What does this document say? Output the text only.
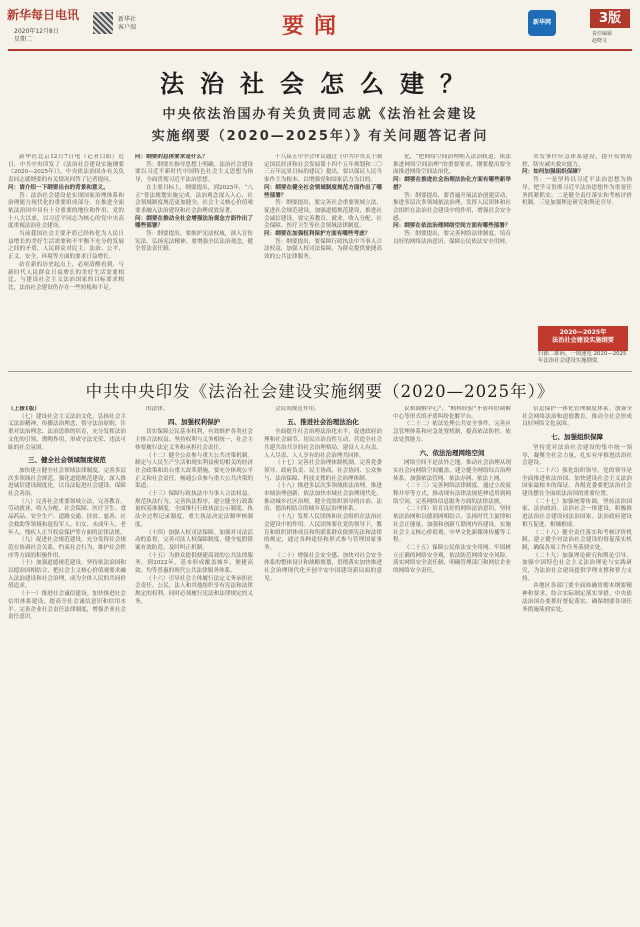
新华每日电讯
2020年12月8日
星期二
新华社
客户端	要闻	新华网	3版
责任编辑
赵晓文
法治社会怎么建？
中央依法治国办有关负责同志就《法治社会建设
实施纲要（2020—2025年）》有关问题答记者问

新华社北京12月7日电（记者白阳）近日，中共中央印发了《法治社会建设实施纲要（2020—2025年）》。中央依法治国办有关负责同志就纲要的有关情况回答了记者提问。

问：请介绍一下纲要出台的背景和意义。

答：法治社会建设是实现国家治理体系和治理能力现代化的重要组成部分。在推进全面依法治国中具有十分重要的地位和作用。党的十八大以来，以习近平同志为核心的党中央高度重视法治社会建设。

当前我国社会主要矛盾已经转化为人民日益增长的美好生活需要和不平衡不充分的发展之间的矛盾，人民群众对民主、法治、公平、正义、安全、环境等方面的要求日益增长。

站在新的历史起点上，必须清醒看到，与新时代人民群众日益增长的美好生活需要相比，与建设社会主义法治国家的目标要求相比，法治社会建设仍存在一些短板和不足。

问：纲要的总体要求是什么？

答：纲要在指导思想上明确，法治社会建设要以习近平新时代中国特色社会主义思想为指导，全面贯彻习近平法治思想。

在主要目标上，纲要提出，到2025年，“八五”普法规划实施完成，法治观念深入人心，社会领域制度规范更加健全，社会主义核心价值观要求融入法治建设和社会治理成效显著。

问：纲要在推动全社会增强法治观念方面作出了哪些部署？

答：纲要提出，要维护宪法权威，深入宣传宪法，弘扬宪法精神。要增强全民法治观念，健全普法责任制。

十八届五中全会审议通过《中共中央关于制定国民经济和社会发展第十四个五年规划和二〇三五年远景目标的建议》提出，要以保证人民当家作主为根本，以增强党和国家活力为目的。

问：纲要在健全社会领域制度规范方面作出了哪些部署？

答：纲要提出，要完善社会重要领域立法，促进社会规范建设，加强道德规范建设，推进社会诚信建设。要完善教育、就业、收入分配、社会保障、医疗卫生等社会领域法律制度。

问：纲要在加强权利保护方面有哪些考虑？

答：纲要提出，要保障行政执法中当事人合法权益，加强人权司法保障，为群众提供便捷高效的公共法律服务。

化，“把网络空间治理纳入法治轨道，依法推进网络空间治理”的重要要求，纲要提出要全面推进网络空间法治化。

问：纲要在推进社会治理法治化方面有哪些新举措？

答：纲要提出，要普遍开展法治创建活动，推进多层次多领域依法治理，发挥人民团体和社会组织在法治社会建设中的作用，增强社会安全感。

问：纲要在依法治理网络空间方面有哪些部署？

答：纲要提出，要完善网络法律制度，培育良好的网络法治意识，保障公民依法安全用网。

突发事件应急体系建设，提升疫情防控、防灾减灾救灾能力。

问：如何加强组织保障？

答：一是坚持以习近平法治思想为指导。把学习贯彻习近平法治思想作为重要任务抓紧抓实。二是健全责任落实和考核评价机制。三是加强理论研究和舆论引导。

2020—2025年
法治社会建设实施纲要
扫描二维码，一图速览 2020—2025年法治社会建设实施纲要。
中共中央印发《法治社会建设实施纲要（2020—2025年）》

（上接1版）

（七）建设社会主义法治文化。弘扬社会主义法治精神，传播法治理念，恪守法治原则，注重对法治理念、法治思维的培育，充分发挥法治文化的引领、熏陶作用，形成守法光荣、违法可耻的社会氛围。

三、健全社会领域制度规范

加快建立健全社会领域法律制度，完善多层次多领域社会规范，强化道德规范建设，深入推进诚信建设制度化，以良法促进社会建设、保障社会善治。

（八）完善社会重要领域立法。完善教育、劳动就业、收入分配、社会保障、医疗卫生、食品药品、安全生产、道路交通、扶贫、慈善、社会救助等领域和退役军人、妇女、未成年人、老年人、残疾人正当权益保护等方面的法律法规。

（九）促进社会规范建设。充分发挥社会规范在协调社会关系、约束社会行为、维护社会秩序等方面的积极作用。

（十）加强道德规范建设。坚持依法治国和以德治国相结合，把社会主义核心价值观要求融入法治建设和社会治理，成为全体人民的共同价值追求。

（十一）推进社会诚信建设。加快推进社会信用体系建设，提高全社会诚信意识和信用水平。完善企业社会责任法律制度，增强企业社会责任意识。

的法律。

四、加强权利保护

切实保障公民基本权利，有效维护各类社会主体合法权益。坚持权利与义务相统一，社会主体要履行法定义务和承担社会责任。

（十二）健全公众参与重大公共决策机制。制定与人民生产生活和现实利益密切相关的经济社会政策和出台重大改革措施，要充分体现公平正义和社会责任，畅通公众参与重大公共决策的渠道。

（十三）保障行政执法中当事人合法权益。规范执法行为，完善执法程序，建立健全行政裁量权基准制度，全面推行行政执法公示制度、执法全过程记录制度、重大执法决定法制审核制度。

（十四）加强人权司法保障。加强对司法活动的监督，完善司法人权保障制度，健全冤假错案有效防范、及时纠正机制。

（十五）为群众提供便捷高效的公共法律服务。到2022年，基本形成覆盖城乡、便捷高效、均等普惠的现代公共法律服务体系。

（十六）引导社会主体履行法定义务承担社会责任。公民、法人和其他组织享有宪法和法律规定的权利，同时必须履行宪法和法律规定的义务。

会民间规范作用。

五、推进社会治理法治化

全面提升社会治理法治化水平，促进政府治理和社会调节、居民自治良性互动，营造全社会共建共治共享的社会治理格局，建设人人有责、人人尽责、人人享有的社会治理共同体。

（十七）完善社会治理体制机制。完善党委领导、政府负责、民主协商、社会协同、公众参与、法治保障、科技支撑的社会治理体制。

（十八）推进多层次多领域依法治理。推进市域治理创新，依法加快市域社会治理现代化。推动城乡社区治理，健全党组织领导的自治、法治、德治相结合的城乡基层治理体系。

（十九）发挥人民团体和社会组织在法治社会建设中的作用。人民团体要在党的领导下，教育和组织团体成员和所联系群众依照宪法和法律的规定，通过各种途径和形式参与管理国家事务。

（二十）增强社会安全感。加快对社会安全体系的整体设计和战略规划，贯彻落实加快推进社会治理现代化开创平安中国建设新局面的意见。

议和调解中心”、“枫桥经验”矛盾纠纷调解中心等形式的矛盾纠纷化解平台。

（二十二）依法处理公共安全事件，完善应急管理体系和应急处置机制，提高依法防控、依法处置能力。

六、依法治理网络空间

网络空间不是法外之地。推动社会治理从现实社会向网络空间覆盖，建立健全网络综合治理体系，加强依法管网、依法办网、依法上网。

（二十三）完善网络法律制度。通过立改废释并举等方式，推动现有法律法规延伸适用到网络空间。完善网络信息服务方面的法律法规。

（二十四）培育良好的网络法治意识。坚持依法治网和以德润网相结合，弘扬时代主旋律和社会正能量。加强和创新互联网内容建设，实施社会主义核心价值观、中华文化新媒体传播等工程。

（二十五）保障公民依法安全用网。牢固树立正确的网络安全观，依法防范网络安全风险。落实网络安全责任制，明确管理部门和网信企业的网络安全责任。

信息保护一体化管理制度体系。加强全社会网络法治和道德教育，推动全社会形成良好网络文化氛围。

七、加强组织保障

坚持党对法治社会建设的集中统一领导，凝聚全社会力量，扎实有序推进法治社会建设。

（二十六）强化组织领导。党的领导是全面推进依法治国、加快建设社会主义法治国家最根本的保证。各级党委要把法治社会建设摆在全面依法治国的重要位置。

（二十七）加强统筹协调。坚持法治国家、法治政府、法治社会一体建设，积极推进法治社会建设同法治国家、法治政府建设相互促进、相辅相成。

（二十八）健全责任落实和考核评价机制。建立健全对法治社会建设的督促落实机制，确保各项工作任务落到实处。

（二十九）加强理论研究和舆论引导。加强中国特色社会主义法治理论与实践研究，为法治社会建设提供学理支撑和智力支持。

各地区各部门要全面准确贯彻本纲要精神和要求，结合实际制定落实举措。中央依法治国办要抓好督促落实，确保纲要各项任务措施落到实处。
